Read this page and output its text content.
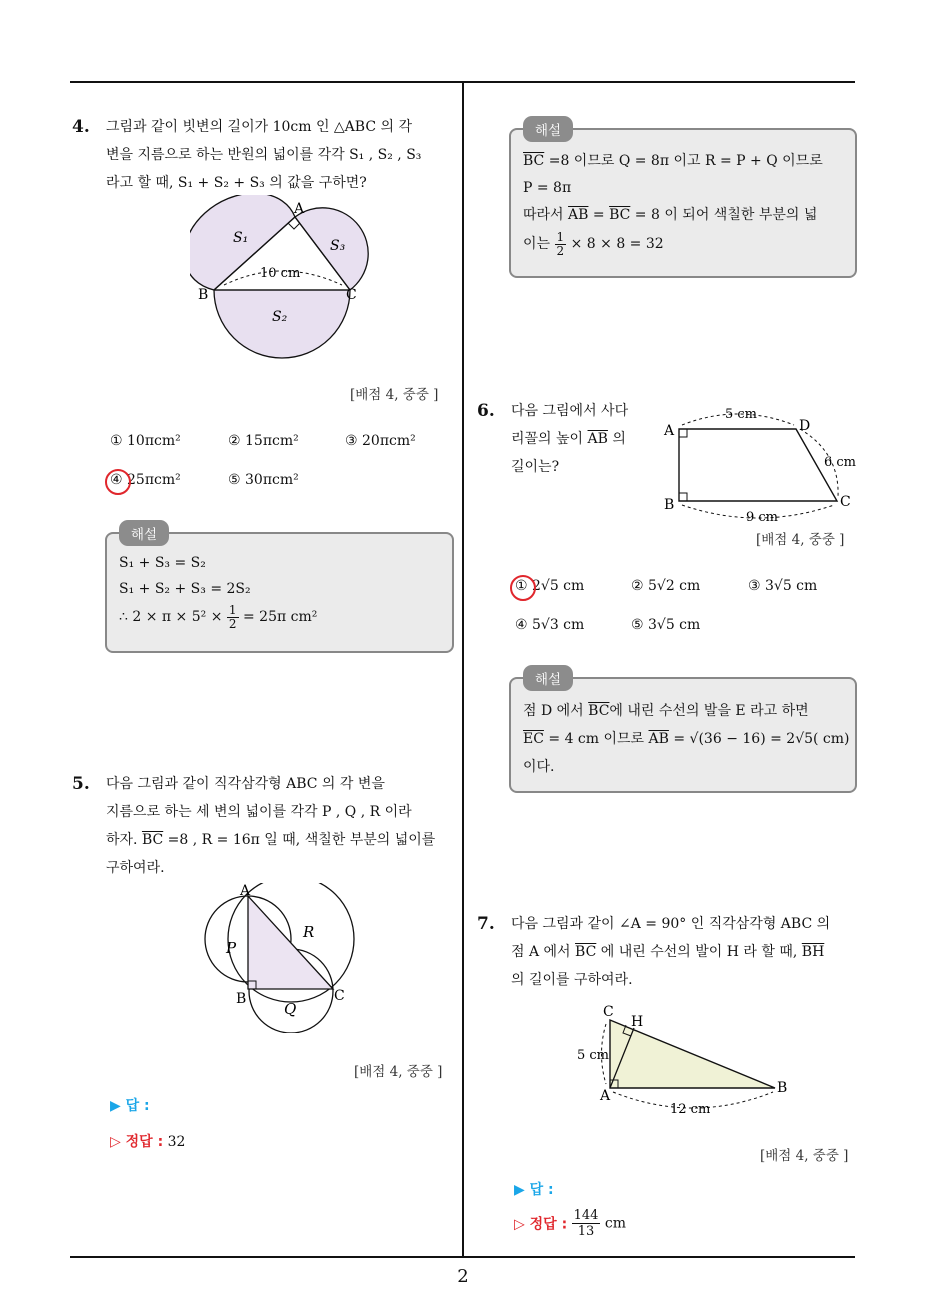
4. 그림과 같이 빗변의 길이가 10cm 인 △ABC 의 각
변을 지름으로 하는 반원의 넓이를 각각 S₁ , S₂ , S₃
라고 할 때, S₁ + S₂ + S₃ 의 값을 구하면?
A
B	C
S₁
S₂
S₃
10 cm
[배점 4, 중중 ]
① 10πcm²	② 15πcm²	③ 20πcm²
④ 25πcm²	⑤ 30πcm²
해설
S₁ + S₃ = S₂
S₁ + S₂ + S₃ = 2S₂
∴ $2 \times \pi \times 5^2 \times \frac{1}{2} = 25\pi$ cm²
5. 다음 그림과 같이 직각삼각형 ABC 의 각 변을
지름으로 하는 세 변의 넓이를 각각 P , Q , R 이라
하자. $\overline{BC} =8$ , R = 16π 일 때, 색칠한 부분의 넓이를
구하여라.
A
B	C
P
Q
R
[배점 4, 중중 ]
▶ 답 :
▷ 정답 : 32
해설
$\overline{BC} =8$ 이므로 Q = 8π 이고 R = P + Q 이므로
P = 8π
따라서 $\overline{AB} = \overline{BC} = 8$ 이 되어 색칠한 부분의 넓
이는 $\frac{1}{2} \times 8 \times 8 = 32$
6. 다음 그림에서 사다
리꼴의 높이 $\overline{AB}$ 의
길이는?
A	D
B	C
5 cm
6 cm
9 cm
[배점 4, 중중 ]
① 2√5 cm	② 5√2 cm	③ 3√5 cm
④ 5√3 cm	⑤ 3√5 cm
해설
점 D 에서 $\overline{BC}$에 내린 수선의 발을 E 라고 하면
$\overline{EC} = 4$ cm 이므로 $\overline{AB} = √(36 - 16) = 2√5$( cm)
이다.
7. 다음 그림과 같이 ∠A = 90° 인 직각삼각형 ABC 의
점 A 에서 $\overline{BC}$ 에 내린 수선의 발이 H 라 할 때, $\overline{BH}$
의 길이를 구하여라.
C
H
A	B
5 cm
12 cm
[배점 4, 중중 ]
▶ 답 :
▷ 정답 : $\frac{144}{13}$ cm
2
